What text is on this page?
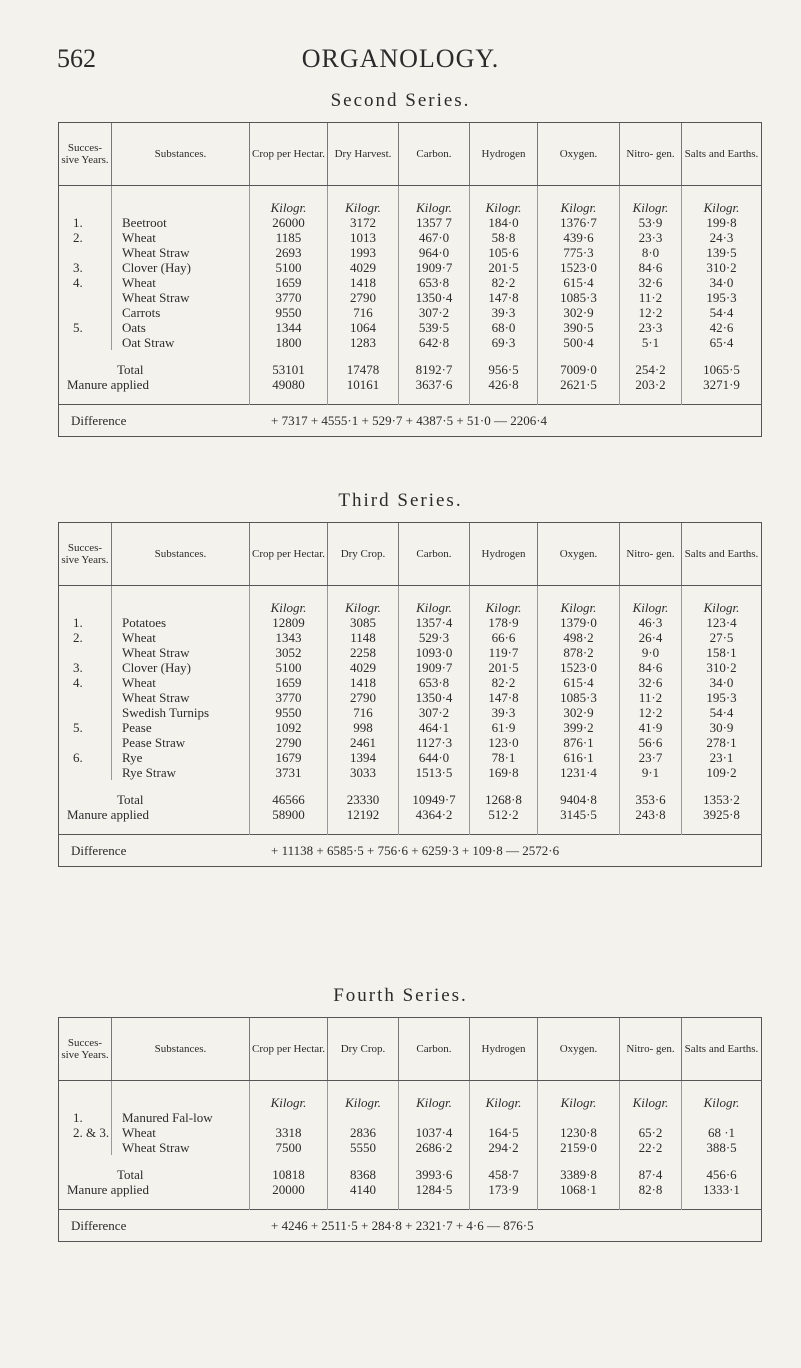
562	ORGANOLOGY.
Second Series.
Succes- sive Years.	Substances.	Crop per Hectar.	Dry Harvest.	Carbon.	Hydrogen	Oxygen.	Nitro- gen.	Salts and Earths.
		Kilogr.	Kilogr.	Kilogr.	Kilogr.	Kilogr.	Kilogr.	Kilogr.
1.	Beetroot	26000	3172	1357 7	184·0	1376·7	53·9	199·8
2.	Wheat	1185	1013	467·0	58·8	439·6	23·3	24·3
	Wheat Straw	2693	1993	964·0	105·6	775·3	8·0	139·5
3.	Clover (Hay)	5100	4029	1909·7	201·5	1523·0	84·6	310·2
4.	Wheat	1659	1418	653·8	82·2	615·4	32·6	34·0
	Wheat Straw	3770	2790	1350·4	147·8	1085·3	11·2	195·3
	Carrots	9550	716	307·2	39·3	302·9	12·2	54·4
5.	Oats	1344	1064	539·5	68·0	390·5	23·3	42·6
	Oat Straw	1800	1283	642·8	69·3	500·4	5·1	65·4
Total		53101	17478	8192·7	956·5	7009·0	254·2	1065·5
Manure applied		49080	10161	3637·6	426·8	2621·5	203·2	3271·9
Difference + 7317 + 4555·1 + 529·7 + 4387·5 + 51·0 — 2206·4								
Third Series.
Succes- sive Years.	Substances.	Crop per Hectar.	Dry Crop.	Carbon.	Hydrogen	Oxygen.	Nitro- gen.	Salts and Earths.
		Kilogr.	Kilogr.	Kilogr.	Kilogr.	Kilogr.	Kilogr.	Kilogr.
1.	Potatoes	12809	3085	1357·4	178·9	1379·0	46·3	123·4
2.	Wheat	1343	1148	529·3	66·6	498·2	26·4	27·5
	Wheat Straw	3052	2258	1093·0	119·7	878·2	9·0	158·1
3.	Clover (Hay)	5100	4029	1909·7	201·5	1523·0	84·6	310·2
4.	Wheat	1659	1418	653·8	82·2	615·4	32·6	34·0
	Wheat Straw	3770	2790	1350·4	147·8	1085·3	11·2	195·3
	Swedish Turnips	9550	716	307·2	39·3	302·9	12·2	54·4
5.	Pease	1092	998	464·1	61·9	399·2	41·9	30·9
	Pease Straw	2790	2461	1127·3	123·0	876·1	56·6	278·1
6.	Rye	1679	1394	644·0	78·1	616·1	23·7	23·1
	Rye Straw	3731	3033	1513·5	169·8	1231·4	9·1	109·2
Total		46566	23330	10949·7	1268·8	9404·8	353·6	1353·2
Manure applied		58900	12192	4364·2	512·2	3145·5	243·8	3925·8
Difference + 11138 + 6585·5 + 756·6 + 6259·3 + 109·8 — 2572·6								
Fourth Series.
Succes- sive Years.	Substances.	Crop per Hectar.	Dry Crop.	Carbon.	Hydrogen	Oxygen.	Nitro- gen.	Salts and Earths.
		Kilogr.	Kilogr.	Kilogr.	Kilogr.	Kilogr.	Kilogr.	Kilogr.
1.	Manured Fal-low							
2. & 3.	Wheat	3318	2836	1037·4	164·5	1230·8	65·2	68 ·1
	Wheat Straw	7500	5550	2686·2	294·2	2159·0	22·2	388·5
Total		10818	8368	3993·6	458·7	3389·8	87·4	456·6
Manure applied		20000	4140	1284·5	173·9	1068·1	82·8	1333·1
Difference + 4246 + 2511·5 + 284·8 + 2321·7 + 4·6 — 876·5								
